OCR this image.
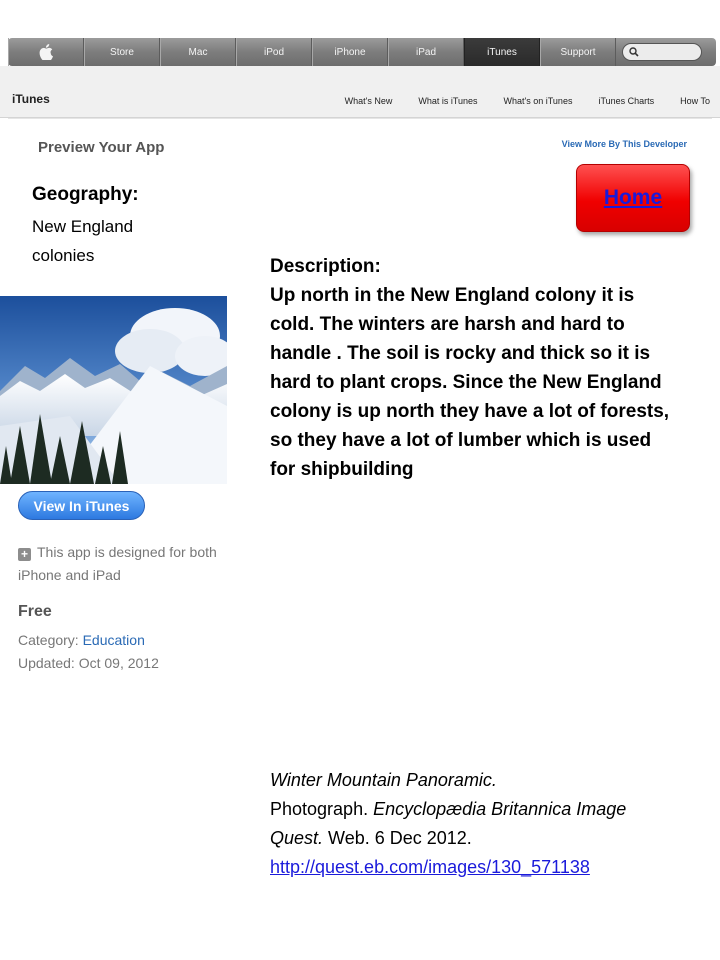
Store	Mac	iPod	iPhone	iPad	iTunes	Support
iTunes	What's New	What is iTunes	What's on iTunes	iTunes Charts	How To
Preview Your App	View More By This Developer
Geography:
New England colonies
Home
View In iTunes
+ This app is designed for both iPhone and iPad
Free
Category: Education
Updated: Oct 09, 2012
Description:
Up north in the New England colony it is cold. The winters are harsh and hard to handle . The soil is rocky and thick so it is hard to plant crops. Since the New England colony is up north they have a lot of forests, so they have a lot of lumber which is used for shipbuilding
Winter Mountain Panoramic.
Photograph. Encyclopædia Britannica Image Quest. Web. 6 Dec 2012.
http://quest.eb.com/images/130_571138
